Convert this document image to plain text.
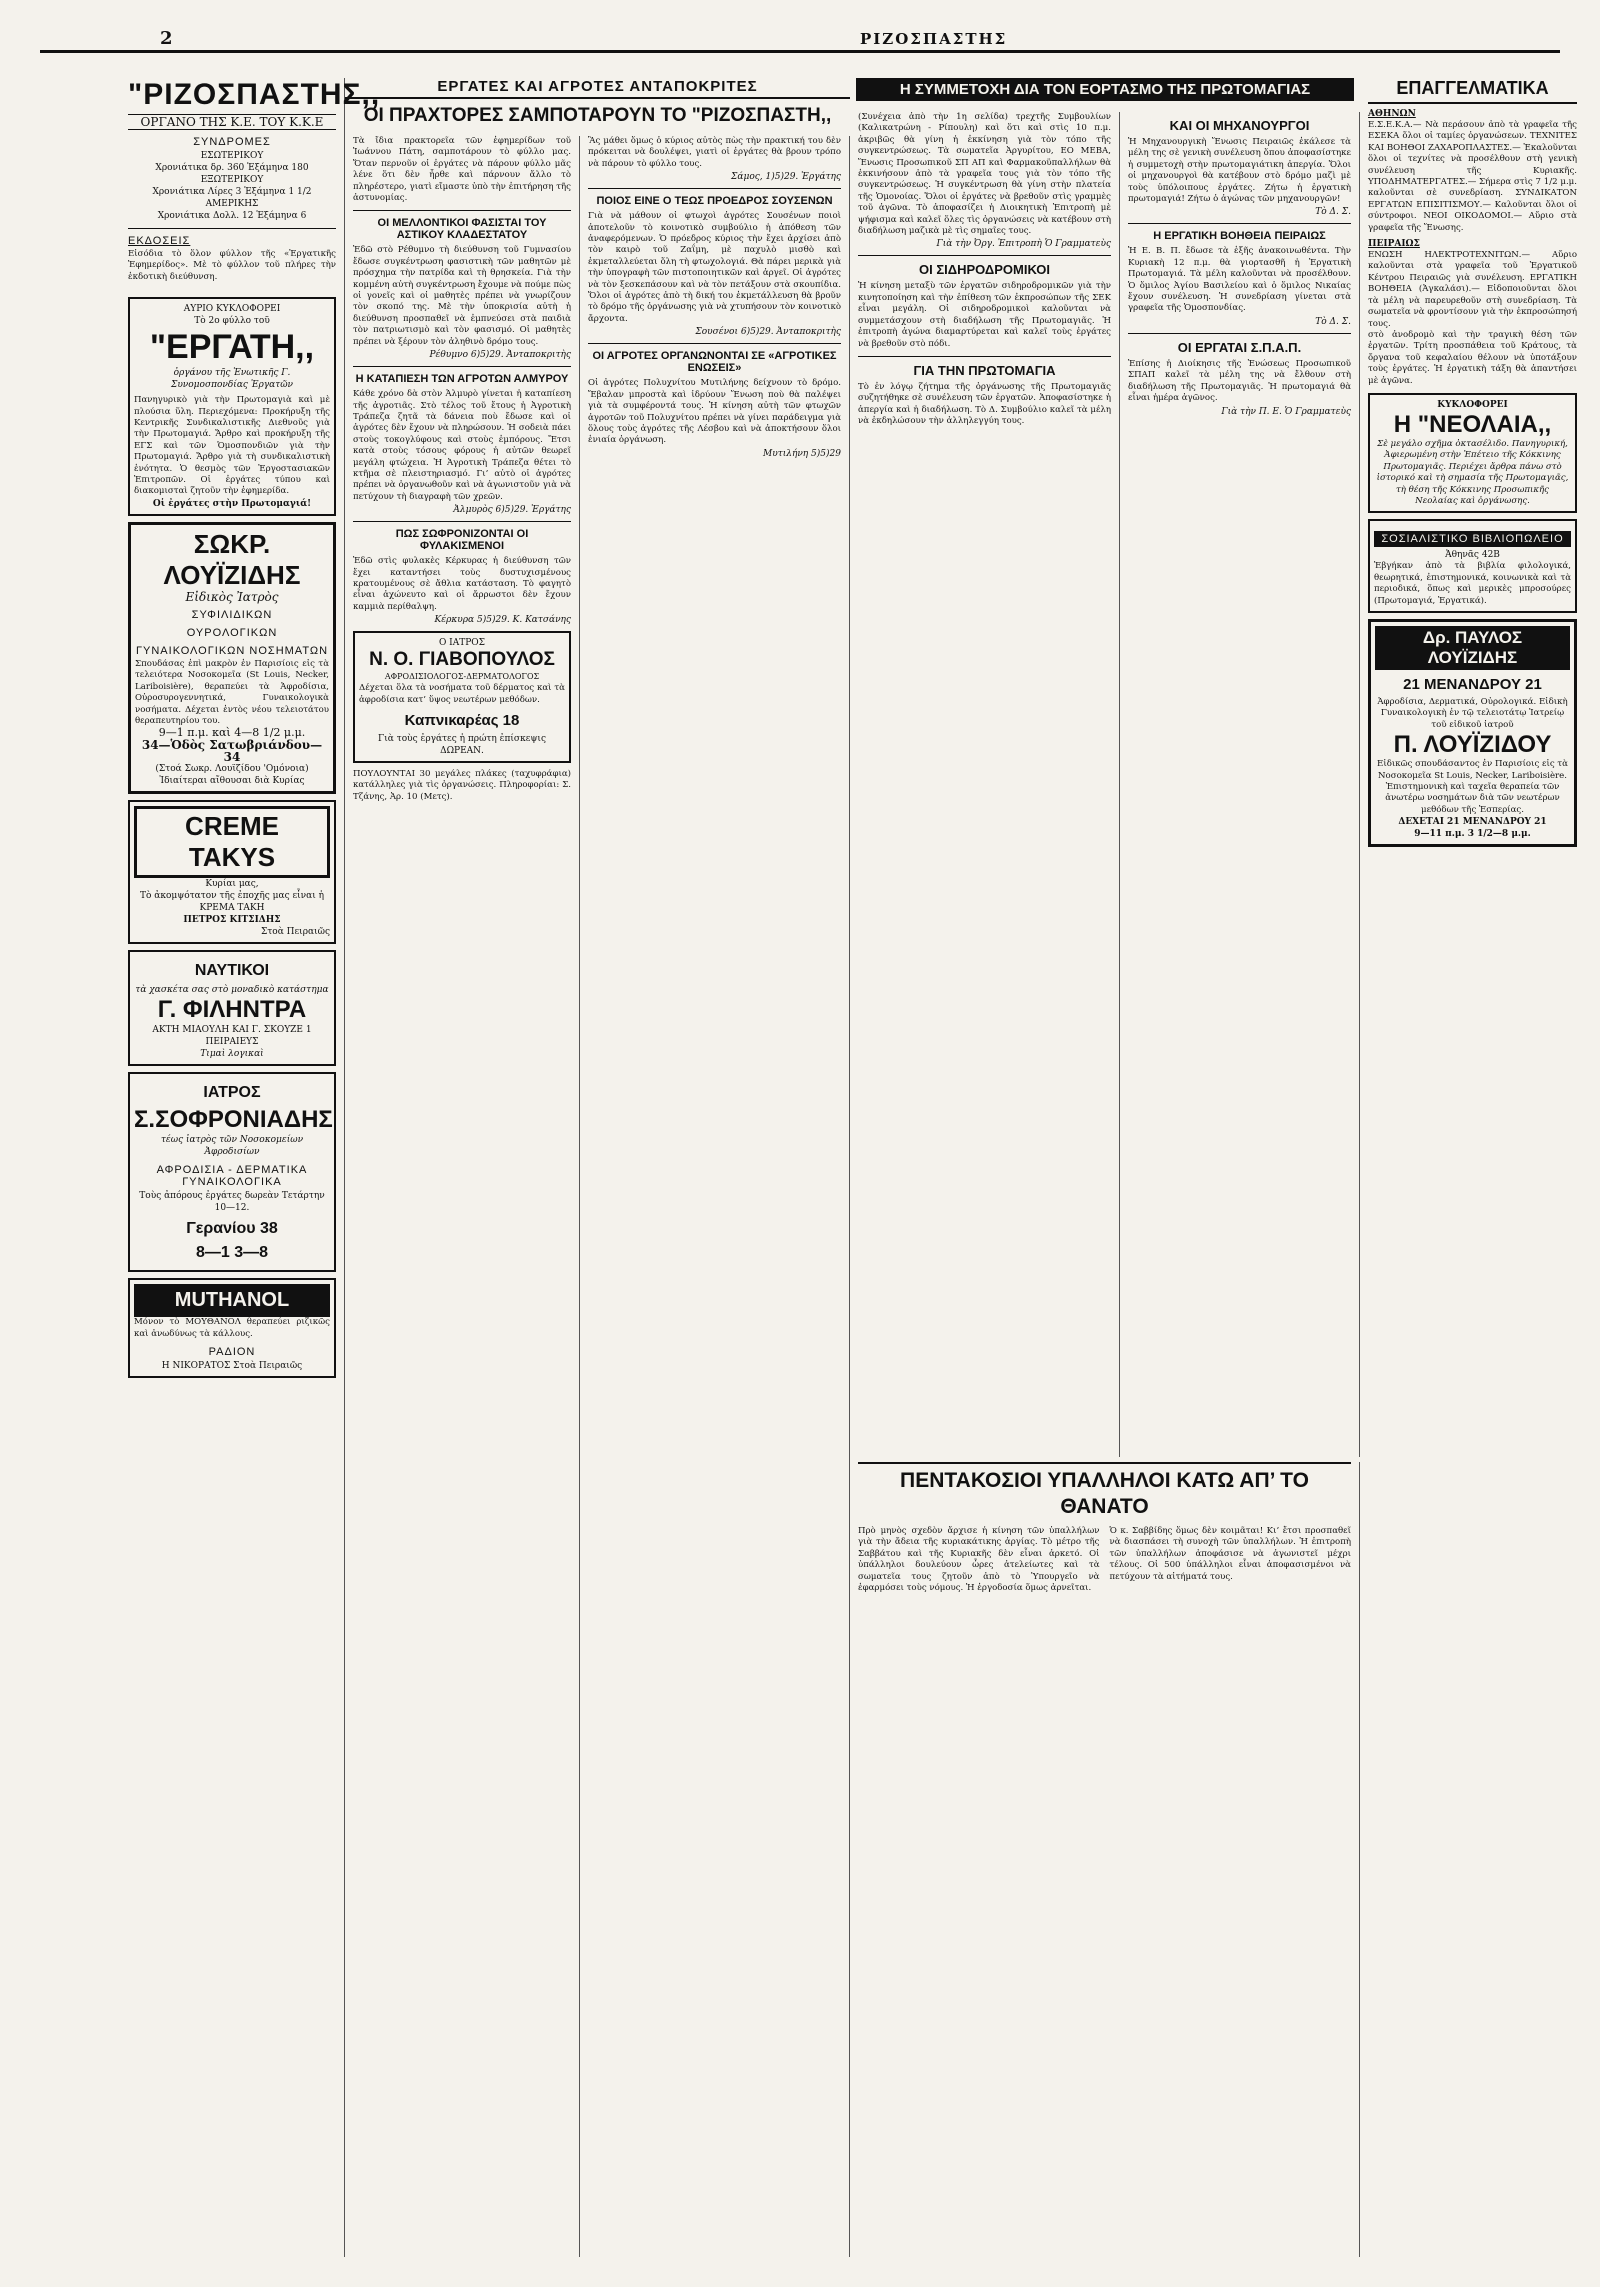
2	ΡΙΖΟΣΠΑΣΤΗΣ
"ΡΙΖΟΣΠΑΣΤΗΣ,,
ΟΡΓΑΝΟ ΤΗΣ Κ.Ε. ΤΟΥ Κ.Κ.Ε
ΣΥΝΔΡΟΜΕΣ
ΕΣΩΤΕΡΙΚΟΥ
Χρονιάτικα δρ. 360 Ἑξάμηνα 180
ΕΞΩΤΕΡΙΚΟΥ
Χρονιάτικα Λίρες 3 Ἑξάμηνα 1 1/2
ΑΜΕΡΙΚΗΣ
Χρονιάτικα Δολλ. 12 Ἑξάμηνα 6
ΕΚΔΟΣΕΙΣ

Εἰσόδια τὸ ὅλον φύλλον τῆς «Ἐργατικῆς Ἐφημερίδος». Μὲ τὸ φύλλον τοῦ πλήρες τὴν ἐκδοτικὴ διεύθυνση.

ΑΥΡΙΟ ΚΥΚΛΟΦΟΡΕΙ
Τὸ 2ο φύλλο τοῦ
"ΕΡΓΑΤΗ,,
ὀργάνου τῆς Ἑνωτικῆς Γ. Συνομοσπονδίας Ἐργατῶν

Πανηγυρικὸ γιὰ τὴν Πρωτομαγιὰ καὶ μὲ πλούσια ὕλη. Περιεχόμενα: Προκήρυξη τῆς Κεντρικῆς Συνδικαλιστικῆς Διεθνοῦς γιὰ τὴν Πρωτομαγιά. Ἄρθρο καὶ προκήρυξη τῆς ΕΓΣ καὶ τῶν Ὁμοσπονδιῶν γιὰ τὴν Πρωτομαγιά. Ἄρθρο γιὰ τὴ συνδικαλιστικὴ ἑνότητα. Ὁ θεσμὸς τῶν Ἐργοστασιακῶν Ἐπιτροπῶν. Οἱ ἐργάτες τύπου καὶ διακομισταὶ ζητοῦν τὴν ἐφημερίδα.

Οἱ ἐργάτες στὴν Πρωτομαγιά!
ΣΩΚΡ. ΛΟΥΪΖΙΔΗΣ
Εἰδικὸς Ἰατρὸς
ΣΥΦΙΛΙΔΙΚΩΝ
ΟΥΡΟΛΟΓΙΚΩΝ
ΓΥΝΑΙΚΟΛΟΓΙΚΩΝ ΝΟΣΗΜΑΤΩΝ

Σπουδάσας ἐπὶ μακρὸν ἐν Παρισίοις εἰς τὰ τελειότερα Νοσοκομεῖα (St Louis, Necker, Lariboisière), θεραπεύει τὰ Ἀφροδίσια, Οὐροσυρογεννητικά, Γυναικολογικὰ νοσήματα. Δέχεται ἐντὸς νέου τελειοτάτου θεραπευτηρίου του.

9—1 π.μ. καὶ 4—8 1/2 μ.μ.
34—Ὁδὸς Σατωβριάνδου—34
(Στοά Σωκρ. Λουϊζίδου 'Ομόνοια) Ἰδιαίτεραι αἴθουσαι διὰ Κυρίας
CREME TAKYS
Κυρίαι μας,
Τὸ ἀκομψότατον τῆς ἐποχῆς μας εἶναι ἡ ΚΡΕΜΑ ΤΑΚΗ
ΠΕΤΡΟΣ ΚΙΤΣΙΔΗΣ
Στοὰ Πειραιῶς
ΝΑΥΤΙΚΟΙ
τὰ χασκέτα σας στὸ μοναδικὸ κατάστημα
Γ. ΦΙΛΗΝΤΡΑ
ΑΚΤΗ ΜΙΑΟΥΛΗ ΚΑΙ Γ. ΣΚΟΥΖΕ 1
ΠΕΙΡΑΙΕΥΣ
Τιμαὶ λογικαὶ
ΙΑΤΡΟΣ
Σ.ΣΟΦΡΟΝΙΑΔΗΣ
τέως ἰατρὸς τῶν Νοσοκομείων Ἀφροδισίων
ΑΦΡΟΔΙΣΙΑ - ΔΕΡΜΑΤΙΚΑ ΓΥΝΑΙΚΟΛΟΓΙΚΑ
Τοὺς ἀπόρους ἐργάτες δωρεὰν Τετάρτην 10—12.
Γερανίου 38
8—1 3—8
MUTHANOL

Μόνον τὸ ΜΟΥΘΑΝΟΛ θεραπεύει ριζικῶς καὶ ἀνωδύνως τὰ κάλλους.

ΡΑΔΙΟΝ
Η ΝΙΚΟΡΑΤΟΣ Στοὰ Πειραιῶς
ΕΡΓΑΤΕΣ ΚΑΙ ΑΓΡΟΤΕΣ ΑΝΤΑΠΟΚΡΙΤΕΣ
ΟΙ ΠΡΑΧΤΟΡΕΣ ΣΑΜΠΟΤΑΡΟΥΝ ΤΟ "ΡΙΖΟΣΠΑΣΤΗ,,

Τὰ ἴδια πρακτορεῖα τῶν ἐφημερίδων τοῦ Ἰωάννου Πάτη, σαμποτάρουν τὸ φύλλο μας. Ὅταν περνοῦν οἱ ἐργάτες νὰ πάρουν φύλλο μᾶς λένε ὅτι δὲν ἦρθε καὶ πάρνουν ἄλλο τὸ πληρέστερο, γιατὶ εἴμαστε ὑπὸ τὴν ἐπιτήρηση τῆς ἀστυνομίας.

ΟΙ ΜΕΛΛΟΝΤΙΚΟΙ ΦΑΣΙΣΤΑΙ ΤΟΥ ΑΣΤΙΚΟΥ ΚΛΑΔΕΣΤΑΤΟΥ

Ἐδῶ στὸ Ρέθυμνο τὴ διεύθυνση τοῦ Γυμνασίου ἔδωσε συγκέντρωση φασιστικὴ τῶν μαθητῶν μὲ πρόσχημα τὴν πατρίδα καὶ τὴ θρησκεία. Γιὰ τὴν κομμένη αὐτὴ συγκέντρωση ἔχουμε νὰ πούμε πὼς οἱ γονεῖς καὶ οἱ μαθητὲς πρέπει νὰ γνωρίζουν τὸν σκοπό της. Μὲ τὴν ὑποκρισία αὐτὴ ἡ διεύθυνση προσπαθεῖ νὰ ἐμπνεύσει στὰ παιδιὰ τὸν πατριωτισμὸ καὶ τὸν φασισμό. Οἱ μαθητὲς πρέπει νὰ ξέρουν τὸν ἀληθινὸ δρόμο τους.

Ρέθυμνο 6)5)29. Ἀνταποκριτὴς
Η ΚΑΤΑΠΙΕΣΗ ΤΩΝ ΑΓΡΟΤΩΝ ΑΛΜΥΡΟΥ

Κάθε χρόνο δὰ στὸν Ἀλμυρὸ γίνεται ἡ καταπίεση τῆς ἀγροτιᾶς. Στὸ τέλος τοῦ ἔτους ἡ Ἀγροτικὴ Τράπεζα ζητᾶ τὰ δάνεια ποὺ ἔδωσε καὶ οἱ ἀγρότες δὲν ἔχουν νὰ πληρώσουν. Ἡ σοδειὰ πάει στοὺς τοκογλύφους καὶ στοὺς ἐμπόρους. Ἔτσι κατὰ στοὺς τόσους φόρους ἡ αὐτῶν θεωρεῖ μεγάλη φτώχεια. Ἡ Ἀγροτικὴ Τράπεζα θέτει τὸ κτῆμα σὲ πλειστηριασμό. Γι’ αὐτὸ οἱ ἀγρότες πρέπει νὰ ὀργανωθοῦν καὶ νὰ ἀγωνιστοῦν γιὰ νὰ πετύχουν τὴ διαγραφὴ τῶν χρεῶν.

Ἀλμυρὸς 6)5)29. Ἐργάτης
ΠΩΣ ΣΩΦΡΟΝΙΖΟΝΤΑΙ ΟΙ ΦΥΛΑΚΙΣΜΕΝΟΙ

Ἐδῶ στὶς φυλακὲς Κέρκυρας ἡ διεύθυνση τῶν ἔχει καταντήσει τοὺς δυστυχισμένους κρατουμένους σὲ ἄθλια κατάσταση. Τὸ φαγητὸ εἶναι ἀχώνευτο καὶ οἱ ἄρρωστοι δὲν ἔχουν καμμιὰ περίθαλψη.

Κέρκυρα 5)5)29. Κ. Κατσάνης
Ο ΙΑΤΡΟΣ
Ν. Ο. ΓΙΑΒΟΠΟΥΛΟΣ
ΑΦΡΟΔΙΣΙΟΛΟΓΟΣ-ΔΕΡΜΑΤΟΛΟΓΟΣ

Δέχεται ὅλα τὰ νοσήματα τοῦ δέρματος καὶ τὰ ἀφροδίσια κατ’ ὕψος νεωτέρων μεθόδων.

Καπνικαρέας 18
Γιὰ τοὺς ἐργάτες ἡ πρώτη ἐπίσκεψις ΔΩΡΕΑΝ.

ΠΟΥΛΟΥΝΤΑΙ 30 μεγάλες πλάκες (ταχυφράφια) κατάλληλες γιὰ τὶς ὀργανώσεις. Πληροφορίαι: Σ. Τζάνης, Ἀρ. 10 (Μετς).

Ἂς μάθει ὅμως ὁ κύριος αὐτὸς πὼς τὴν πρακτική του δὲν πρόκειται νὰ δουλέψει, γιατὶ οἱ ἐργάτες θὰ βρουν τρόπο νὰ πάρουν τὸ φύλλο τους.

Σάμος, 1)5)29. Ἐργάτης
ΠΟΙΟΣ ΕΙΝΕ Ο ΤΕΩΣ ΠΡΟΕΔΡΟΣ ΣΟΥΣΕΝΩΝ

Γιὰ νὰ μάθουν οἱ φτωχοὶ ἀγρότες Σουσένων ποιοὶ ἀποτελοῦν τὸ κοινοτικὸ συμβούλιο ἡ ἀπόθεση τῶν ἀναφερόμενων. Ὁ πρόεδρος κύριος τὴν ἔχει ἀρχίσει ἀπὸ τὸν καιρὸ τοῦ Ζαΐμη, μὲ παχυλὸ μισθὸ καὶ ἐκμεταλλεύεται ὅλη τὴ φτωχολογιά. Θὰ πάρει μερικὰ γιὰ τὴν ὑπογραφὴ τῶν πιστοποιητικῶν καὶ ἀργεῖ. Οἱ ἀγρότες νὰ τὸν ξεσκεπάσουν καὶ νὰ τὸν πετάξουν στὰ σκουπίδια. Ὅλοι οἱ ἀγρότες ἀπὸ τὴ δική του ἐκμετάλλευση θὰ βροῦν τὸ δρόμο τῆς ὀργάνωσης γιὰ νὰ χτυπήσουν τὸν κοινοτικὸ ἄρχοντα.

Σουσένοι 6)5)29. Ἀνταποκριτὴς
ΟΙ ΑΓΡΟΤΕΣ ΟΡΓΑΝΩΝΟΝΤΑΙ ΣΕ «ΑΓΡΟΤΙΚΕΣ ΕΝΩΣΕΙΣ»

Οἱ ἀγρότες Πολυχνίτου Μυτιλήνης δείχνουν τὸ δρόμο. Ἔβαλαν μπροστὰ καὶ ἱδρύουν Ἕνωση ποὺ θὰ παλέψει γιὰ τὰ συμφέροντά τους. Ἡ κίνηση αὐτὴ τῶν φτωχῶν ἀγροτῶν τοῦ Πολυχνίτου πρέπει νὰ γίνει παράδειγμα γιὰ ὅλους τοὺς ἀγρότες τῆς Λέσβου καὶ νὰ ἀποκτήσουν ὅλοι ἑνιαία ὀργάνωση.

Μυτιλήνη 5)5)29
Η ΣΥΜΜΕΤΟΧΗ ΔΙΑ ΤΟΝ ΕΟΡΤΑΣΜΟ ΤΗΣ ΠΡΩΤΟΜΑΓΙΑΣ

(Συνέχεια ἀπὸ τὴν 1η σελίδα) τρεχτῆς Συμβουλίων (Καλικατρώνη - Ρίπουλη) καὶ ὅτι καὶ στὶς 10 π.μ. ἀκριβῶς θὰ γίνη ἡ ἐκκίνηση γιὰ τὸν τόπο τῆς συγκεντρώσεως. Τὰ σωματεῖα Ἀργυρίτου, ΕΟ ΜΕΒΑ, Ἕνωσις Προσωπικοῦ ΣΠ ΑΠ καὶ Φαρμακοϋπαλλήλων θὰ ἐκκινήσουν ἀπὸ τὰ γραφεῖα τους γιὰ τὸν τόπο τῆς συγκεντρώσεως. Ἡ συγκέντρωση θὰ γίνη στὴν πλατεία τῆς Ὁμονοίας. Ὅλοι οἱ ἐργάτες νὰ βρεθοῦν στὶς γραμμὲς τοῦ ἀγῶνα. Τὸ ἀποφασίζει ἡ Διοικητικὴ Ἐπιτροπὴ μὲ ψήφισμα καὶ καλεῖ ὅλες τὶς ὀργανώσεις νὰ κατέβουν στὴ διαδήλωση μαζικὰ μὲ τὶς σημαῖες τους.

Γιὰ τὴν Ὀργ. Ἐπιτροπὴ Ὁ Γραμματεὺς
ΟΙ ΣΙΔΗΡΟΔΡΟΜΙΚΟΙ

Ἡ κίνηση μεταξὺ τῶν ἐργατῶν σιδηροδρομικῶν γιὰ τὴν κινητοποίηση καὶ τὴν ἐπίθεση τῶν ἐκπροσώπων τῆς ΣΕΚ εἶναι μεγάλη. Οἱ σιδηροδρομικοὶ καλοῦνται νὰ συμμετάσχουν στὴ διαδήλωση τῆς Πρωτομαγιᾶς. Ἡ ἐπιτροπὴ ἀγώνα διαμαρτύρεται καὶ καλεῖ τοὺς ἐργάτες νὰ βρεθοῦν στὸ πόδι.

ΓΙΑ ΤΗΝ ΠΡΩΤΟΜΑΓΙΑ

Τὸ ἐν λόγῳ ζήτημα τῆς ὀργάνωσης τῆς Πρωτομαγιᾶς συζητήθηκε σὲ συνέλευση τῶν ἐργατῶν. Ἀποφασίστηκε ἡ ἀπεργία καὶ ἡ διαδήλωση. Τὸ Δ. Συμβούλιο καλεῖ τὰ μέλη νὰ ἐκδηλώσουν τὴν ἀλληλεγγύη τους.

ΚΑΙ ΟΙ ΜΗΧΑΝΟΥΡΓΟΙ

Ἡ Μηχανουργικὴ Ἕνωσις Πειραιῶς ἐκάλεσε τὰ μέλη της σὲ γενικὴ συνέλευση ὅπου ἀποφασίστηκε ἡ συμμετοχὴ στὴν πρωτομαγιάτικη ἀπεργία. Ὅλοι οἱ μηχανουργοὶ θὰ κατέβουν στὸ δρόμο μαζὶ μὲ τοὺς ὑπόλοιπους ἐργάτες. Ζήτω ἡ ἐργατικὴ πρωτομαγιά! Ζήτω ὁ ἀγώνας τῶν μηχανουργῶν!

Τὸ Δ. Σ.
Η ΕΡΓΑΤΙΚΗ ΒΟΗΘΕΙΑ ΠΕΙΡΑΙΩΣ

Ἡ Ε. Β. Π. ἔδωσε τὰ ἑξῆς ἀνακοινωθέντα. Τὴν Κυριακὴ 12 π.μ. θὰ γιορτασθῆ ἡ Ἐργατικὴ Πρωτομαγιά. Τὰ μέλη καλοῦνται νὰ προσέλθουν. Ὁ ὅμιλος Ἀγίου Βασιλείου καὶ ὁ ὅμιλος Νικαίας ἔχουν συνέλευση. Ἡ συνεδρίαση γίνεται στὰ γραφεῖα τῆς Ὁμοσπονδίας.

Τὸ Δ. Σ.
ΟΙ ΕΡΓΑΤΑΙ Σ.Π.Α.Π.

Ἐπίσης ἡ Διοίκησις τῆς Ἑνώσεως Προσωπικοῦ ΣΠΑΠ καλεῖ τὰ μέλη της νὰ ἔλθουν στὴ διαδήλωση τῆς Πρωτομαγιᾶς. Ἡ πρωτομαγιά θὰ εἶναι ἡμέρα ἀγῶνος.

Γιὰ τὴν Π. Ε. Ὁ Γραμματεὺς
ΠΕΝΤΑΚΟΣΙΟΙ ΥΠΑΛΛΗΛΟΙ ΚΑΤΩ ΑΠ’ ΤΟ ΘΑΝΑΤΟ

Πρὸ μηνὸς σχεδὸν ἄρχισε ἡ κίνηση τῶν ὑπαλλήλων γιὰ τὴν ἄδεια τῆς κυριακάτικης ἀργίας. Τὸ μέτρο τῆς Σαββάτου καὶ τῆς Κυριακῆς δὲν εἶναι ἀρκετό. Οἱ ὑπάλληλοι δουλεύουν ὧρες ἀτελείωτες καὶ τὰ σωματεῖα τους ζητοῦν ἀπὸ τὸ Ὑπουργεῖο νὰ ἐφαρμόσει τοὺς νόμους. Ἡ ἐργοδοσία ὅμως ἀρνεῖται.

Ὁ κ. Σαββίδης ὅμως δὲν κοιμᾶται! Κι’ ἔτσι προσπαθεῖ νὰ διασπάσει τὴ συνοχὴ τῶν ὑπαλλήλων. Ἡ ἐπιτροπὴ τῶν ὑπαλλήλων ἀποφάσισε νὰ ἀγωνιστεῖ μέχρι τέλους. Οἱ 500 ὑπάλληλοι εἶναι ἀποφασισμένοι νὰ πετύχουν τὰ αἰτήματά τους.

ΕΠΑΓΓΕΛΜΑΤΙΚΑ
ΑΘΗΝΩΝ

Ε.Σ.Ε.Κ.Α.— Νὰ περάσουν ἀπὸ τὰ γραφεῖα τῆς ΕΣΕΚΑ ὅλοι οἱ ταμίες ὀργανώσεων. ΤΕΧΝΙΤΕΣ ΚΑΙ ΒΟΗΘΟΙ ΖΑΧΑΡΟΠΛΑΣΤΕΣ.— Ἐκαλοῦνται ὅλοι οἱ τεχνίτες νὰ προσέλθουν στὴ γενικὴ συνέλευση τῆς Κυριακῆς. ΥΠΟΔΗΜΑΤΕΡΓΑΤΕΣ.— Σήμερα στὶς 7 1/2 μ.μ. καλοῦνται σὲ συνεδρίαση. ΣΥΝΔΙΚΑΤΟΝ ΕΡΓΑΤΩΝ ΕΠΙΣΙΤΙΣΜΟΥ.— Καλοῦνται ὅλοι οἱ σύντροφοι. ΝΕΟΙ ΟΙΚΟΔΟΜΟΙ.— Αὔριο στὰ γραφεῖα τῆς Ἕνωσης.

ΠΕΙΡΑΙΩΣ

ΕΝΩΣΗ ΗΛΕΚΤΡΟΤΕΧΝΙΤΩΝ.— Αὔριο καλοῦνται στὰ γραφεῖα τοῦ Ἐργατικοῦ Κέντρου Πειραιῶς γιὰ συνέλευση. ΕΡΓΑΤΙΚΗ ΒΟΗΘΕΙΑ (Ἀγκαλάσι).— Εἰδοποιοῦνται ὅλοι τὰ μέλη νὰ παρευρεθοῦν στὴ συνεδρίαση. Τὰ σωματεῖα νὰ φροντίσουν γιὰ τὴν ἐκπροσώπησή τους.

στὸ ἀνοδρομὸ καὶ τὴν τραγικὴ θέση τῶν ἐργατῶν. Τρίτη προσπάθεια τοῦ Κράτους, τὰ ὄργανα τοῦ κεφαλαίου θέλουν νὰ ὑποτάξουν τοὺς ἐργάτες. Ἡ ἐργατικὴ τάξη θὰ ἀπαντήσει μὲ ἀγῶνα.

ΚΥΚΛΟΦΟΡΕΙ
Η "ΝΕΟΛΑΙΑ,,

Σὲ μεγάλο σχῆμα ὀκτασέλιδο. Πανηγυρική, Ἀφιερωμένη στὴν Ἐπέτειο τῆς Κόκκινης Πρωτομαγιᾶς. Περιέχει ἄρθρα πάνω στὸ ἱστορικό καὶ τὴ σημασία τῆς Πρωτομαγιᾶς, τὴ θέση τῆς Κόκκινης Προσωπικῆς Νεολαίας καὶ ὀργάνωσης.

ΣΟΣΙΑΛΙΣΤΙΚΟ ΒΙΒΛΙΟΠΩΛΕΙΟ
Ἀθηνᾶς 42Β

Ἐβγήκαν ἀπὸ τὰ βιβλία φιλολογικά, θεωρητικά, ἐπιστημονικά, κοινωνικὰ καὶ τὰ περιοδικά, ὅπως καὶ μερικὲς μπροσούρες (Πρωτομαγιά, Ἐργατικά).

Δρ. ΠΑΥΛΟΣ ΛΟΥΪΖΙΔΗΣ
21 ΜΕΝΑΝΔΡΟΥ 21

Ἀφροδίσια, Δερματικά, Οὐρολογικά. Εἰδικὴ Γυναικολογικὴ ἐν τῷ τελειοτάτῳ Ἰατρείῳ τοῦ εἰδικοῦ ἰατροῦ

Π. ΛΟΥΪΖΙΔΟΥ

Εἰδικῶς σπουδάσαντος ἐν Παρισίοις εἰς τὰ Νοσοκομεῖα St Louis, Necker, Lariboisière. Ἐπιστημονικὴ καὶ ταχεῖα θεραπεία τῶν ἀνωτέρω νοσημάτων διὰ τῶν νεωτέρων μεθόδων τῆς Ἑσπερίας.

ΔΕΧΕΤΑΙ 21 ΜΕΝΑΝΔΡΟΥ 21
9—11 π.μ. 3 1/2—8 μ.μ.
